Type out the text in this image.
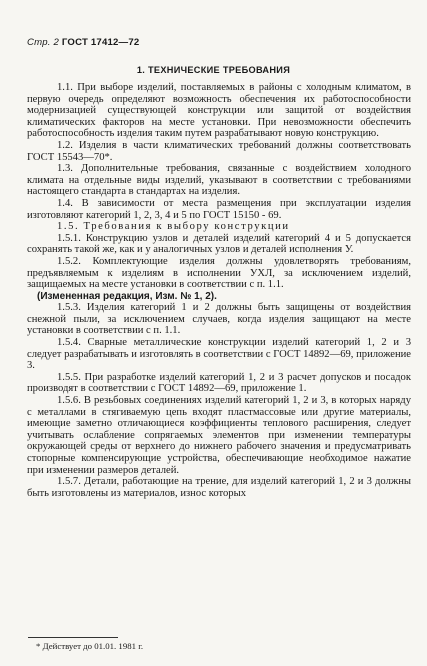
Стр. 2 ГОСТ 17412—72
1. ТЕХНИЧЕСКИЕ ТРЕБОВАНИЯ

1.1. При выборе изделий, поставляемых в районы с холодным климатом, в первую очередь определяют возможность обеспечения их работоспособности модернизацией существующей конструкции или защитой от воздействия климатических факторов на месте установки. При невозможности обеспечить работоспособность изделия таким путем разрабатывают новую конструкцию.

1.2. Изделия в части климатических требований должны соответствовать ГОСТ 15543—70*.

1.3. Дополнительные требования, связанные с воздействием холодного климата на отдельные виды изделий, указывают в соответствии с требованиями настоящего стандарта в стандартах на изделия.

1.4. В зависимости от места размещения при эксплуатации изделия изготовляют категорий 1, 2, 3, 4 и 5 по ГОСТ 15150 - 69.

1.5. Требования к выбору конструкции

1.5.1. Конструкцию узлов и деталей изделий категорий 4 и 5 допускается сохранять такой же, как и у аналогичных узлов и деталей исполнения У.

1.5.2. Комплектующие изделия должны удовлетворять требованиям, предъявляемым к изделиям в исполнении УХЛ, за исключением изделий, защищаемых на месте установки в соответствии с п. 1.1.

(Измененная редакция, Изм. № 1, 2).

1.5.3. Изделия категорий 1 и 2 должны быть защищены от воздействия снежной пыли, за исключением случаев, когда изделия защищают на месте установки в соответствии с п. 1.1.

1.5.4. Сварные металлические конструкции изделий категорий 1, 2 и 3 следует разрабатывать и изготовлять в соответствии с ГОСТ 14892—69, приложение 3.

1.5.5. При разработке изделий категорий 1, 2 и 3 расчет допусков и посадок производят в соответствии с ГОСТ 14892—69, приложение 1.

1.5.6. В резьбовых соединениях изделий категорий 1, 2 и 3, в которых наряду с металлами в стягиваемую цепь входят пластмассовые или другие материалы, имеющие заметно отличающиеся коэффициенты теплового расширения, следует учитывать ослабление сопрягаемых элементов при изменении температуры окружающей среды от верхнего до нижнего рабочего значения и предусматривать стопорные компенсирующие устройства, обеспечивающие необходимое нажатие при изменении размеров деталей.

1.5.7. Детали, работающие на трение, для изделий категорий 1, 2 и 3 должны быть изготовлены из материалов, износ которых

* Действует до 01.01. 1981 г.
